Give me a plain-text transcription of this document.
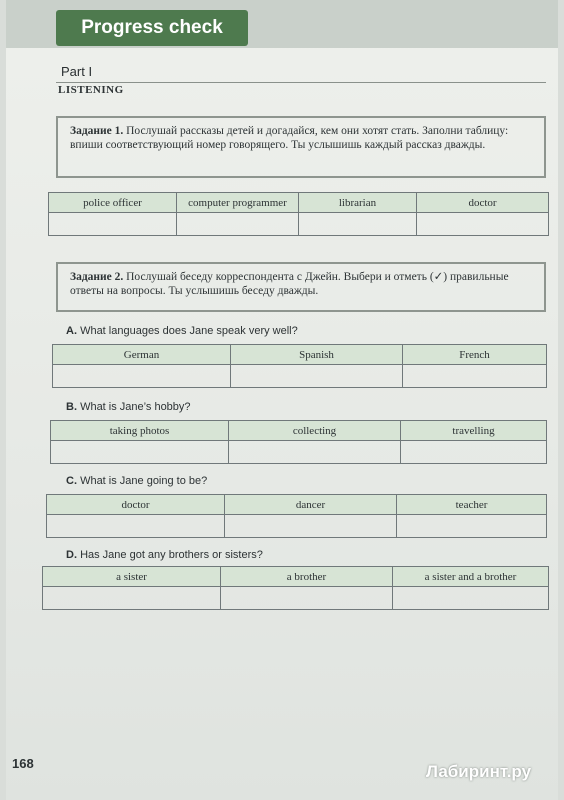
Progress check
Part I
LISTENING
Задание 1. Послушай рассказы детей и догадайся, кем они хотят стать. Заполни таблицу: впиши соответствующий номер говорящего. Ты услышишь каждый рассказ дважды.
police officer	computer programmer	librarian	doctor

Задание 2. Послушай беседу корреспондента с Джейн. Выбери и отметь (✓) правильные ответы на вопросы. Ты услышишь беседу дважды.
A. What languages does Jane speak very well?
German	Spanish	French

B. What is Jane’s hobby?
taking photos	collecting	travelling

C. What is Jane going to be?
doctor	dancer	teacher

D. Has Jane got any brothers or sisters?
a sister	a brother	a sister and a brother

168	Лабиринт.ру
